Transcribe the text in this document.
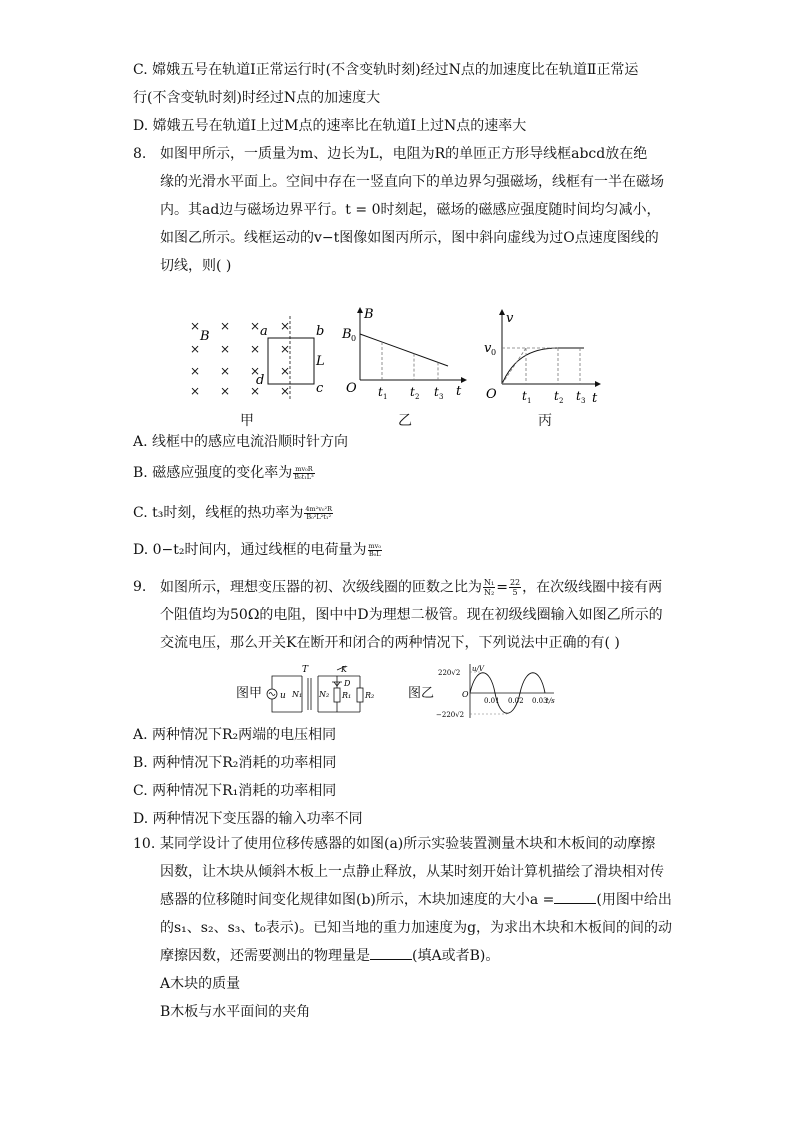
C. 嫦娥五号在轨道Ⅰ正常运行时(不含变轨时刻)经过N点的加速度比在轨道Ⅱ正常运
行(不含变轨时刻)时经过N点的加速度大
D. 嫦娥五号在轨道Ⅰ上过M点的速率比在轨道Ⅰ上过N点的速率大
8. 如图甲所示，一质量为m、边长为L，电阻为R的单匝正方形导线框abcd放在绝
缘的光滑水平面上。空间中存在一竖直向下的单边界匀强磁场，线框有一半在磁场
内。其ad边与磁场边界平行。t = 0时刻起，磁场的磁感应强度随时间均匀减小，
如图乙所示。线框运动的v−t图像如图丙所示，图中斜向虚线为过O点速度图线的
切线，则( )
× × × ×
× × × ×
× × × ×
× × × ×
B	a	b
c
d
L
甲
B
B 0
O	t
t 1 t 2 t 3
乙
v
v 0
O	t
t 1 t 2 t 3
丙
A. 线框中的感应电流沿顺时针方向
B. 磁感应强度的变化率为 $\frac{\text{mv₀R}}{\text{B₀t₁L³}}$
C. t₃时刻，线框的热功率为 $\frac{\text{4m²v₀²R}}{\text{B₀²L²t₁²}}$
D. 0−t₂时间内，通过线框的电荷量为 $\frac{\text{mv₀}}{\text{B₀L}}$
9. 如图所示，理想变压器的初、次级线圈的匝数之比为 $\frac{\text{N₁}}{\text{N₂}} = \frac{22}{5}$ ，在次级线圈中接有两
个阻值均为50Ω的电阻，图中中D为理想二极管。现在初级线圈输入如图乙所示的
交流电压，那么开关K在断开和闭合的两种情况下，下列说法中正确的有( )
图甲 u
T
N₁ N₂
K
D
R₁ R₂	图乙
220√2 u/V
O
0.01 0.02 0.03
t/s
−220√2
A. 两种情况下R₂两端的电压相同
B. 两种情况下R₂消耗的功率相同
C. 两种情况下R₁消耗的功率相同
D. 两种情况下变压器的输入功率不同
10. 某同学设计了使用位移传感器的如图(a)所示实验装置测量木块和木板间的动摩擦
因数，让木块从倾斜木板上一点静止释放，从某时刻开始计算机描绘了滑块相对传
感器的位移随时间变化规律如图(b)所示，木块加速度的大小a =	(用图中给出
的s₁、s₂、s₃、t₀表示)。已知当地的重力加速度为g，为求出木块和木板间的间的动
摩擦因数，还需要测出的物理量是	(填A或者B)。
A木块的质量
B木板与水平面间的夹角
